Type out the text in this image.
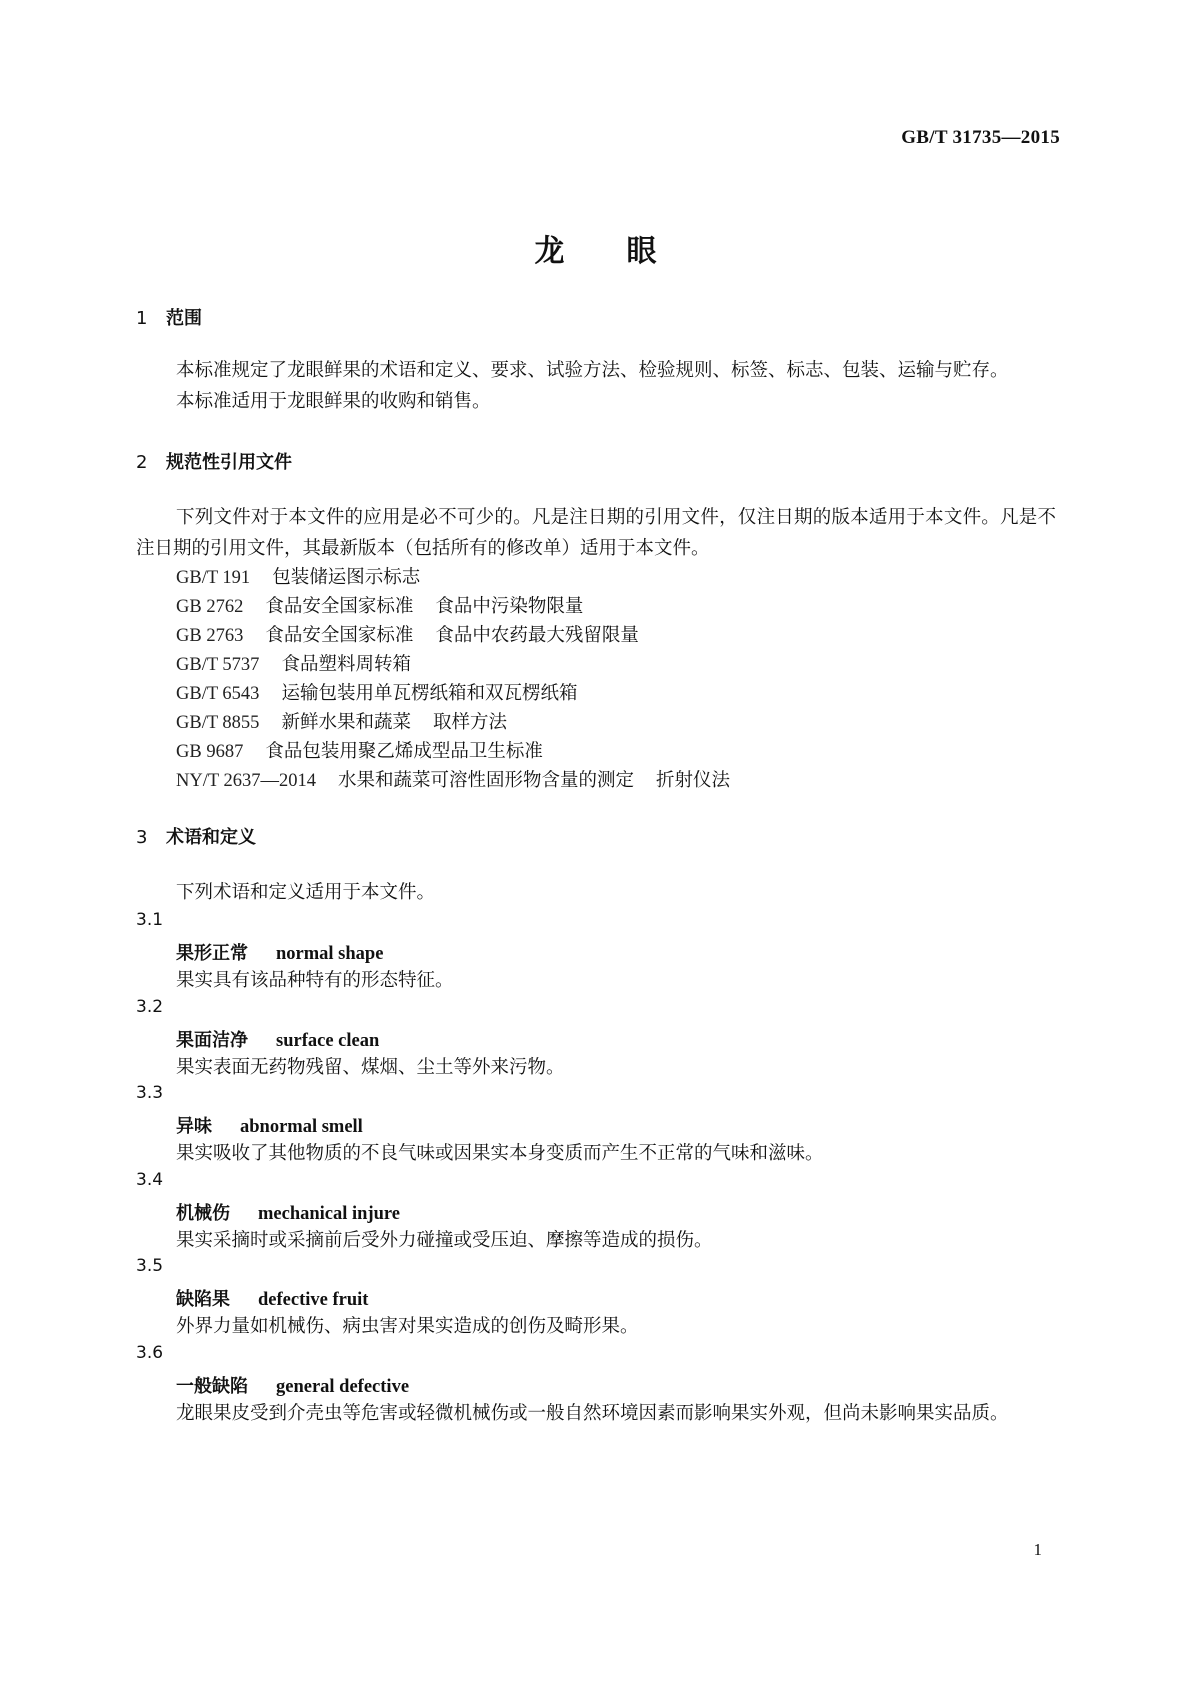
GB/T 31735—2015
龙眼
1 范围
本标准规定了龙眼鲜果的术语和定义、要求、试验方法、检验规则、标签、标志、包装、运输与贮存。
本标准适用于龙眼鲜果的收购和销售。
2 规范性引用文件
下列文件对于本文件的应用是必不可少的。凡是注日期的引用文件，仅注日期的版本适用于本文件。凡是不注日期的引用文件，其最新版本（包括所有的修改单）适用于本文件。
GB/T 191 包装储运图示标志
GB 2762 食品安全国家标准 食品中污染物限量
GB 2763 食品安全国家标准 食品中农药最大残留限量
GB/T 5737 食品塑料周转箱
GB/T 6543 运输包装用单瓦楞纸箱和双瓦楞纸箱
GB/T 8855 新鲜水果和蔬菜 取样方法
GB 9687 食品包装用聚乙烯成型品卫生标准
NY/T 2637—2014 水果和蔬菜可溶性固形物含量的测定 折射仪法
3 术语和定义
下列术语和定义适用于本文件。
3.1
果形正常 normal shape
果实具有该品种特有的形态特征。
3.2
果面洁净 surface clean
果实表面无药物残留、煤烟、尘土等外来污物。
3.3
异味 abnormal smell
果实吸收了其他物质的不良气味或因果实本身变质而产生不正常的气味和滋味。
3.4
机械伤 mechanical injure
果实采摘时或采摘前后受外力碰撞或受压迫、摩擦等造成的损伤。
3.5
缺陷果 defective fruit
外界力量如机械伤、病虫害对果实造成的创伤及畸形果。
3.6
一般缺陷 general defective
龙眼果皮受到介壳虫等危害或轻微机械伤或一般自然环境因素而影响果实外观，但尚未影响果实品质。
1
